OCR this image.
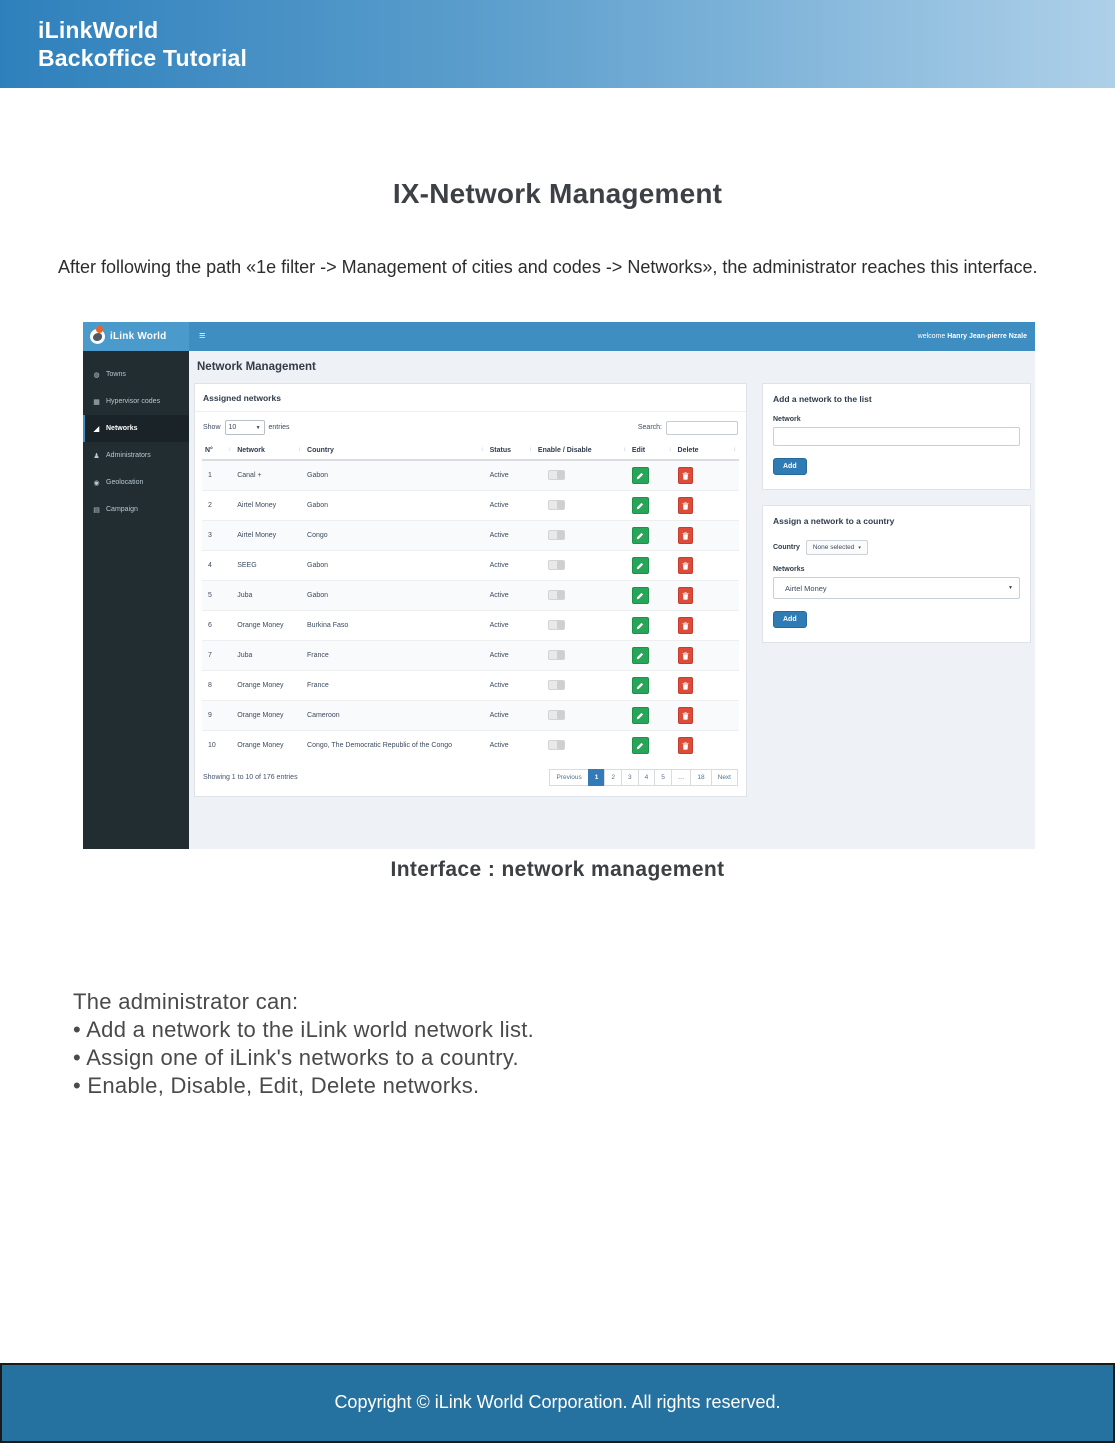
iLinkWorld
Backoffice Tutorial
IX-Network Management
After following the path «1e filter -> Management of cities and codes -> Networks», the administrator reaches this interface.
iLink World	≡	welcome Hanry Jean-pierre Nzale
◍ Towns
▦ Hypervisor codes
◢ Networks
♟ Administrators
◉ Geolocation
▤ Campaign
Network Management
Assigned networks
Show 10	▼ entries	Search:
N° ↕	Network ↕	Country ↕	Status ↕	Enable / Disable ↕	Edit ↕	Delete ↕

1	Canal +	Gabon	Active	

2	Airtel Money	Gabon	Active	

3	Airtel Money	Congo	Active	

4	SEEG	Gabon	Active	

5	Juba	Gabon	Active	

6	Orange Money	Burkina Faso	Active	

7	Juba	France	Active	

8	Orange Money	France	Active	

9	Orange Money	Cameroon	Active	

10	Orange Money	Congo, The Democratic Republic of the Congo	Active	

Showing 1 to 10 of 176 entries	Previous	1	2	3	4	5	…	18	Next
Add a network to the list
Network
Add
Assign a network to a country
Country None selected ▾
Networks
Airtel Money	▼
Add
Interface : network management
The administrator can:
• Add a network to the iLink world network list.
• Assign one of iLink's networks to a country.
• Enable, Disable, Edit, Delete networks.
Copyright © iLink World Corporation. All rights reserved.
